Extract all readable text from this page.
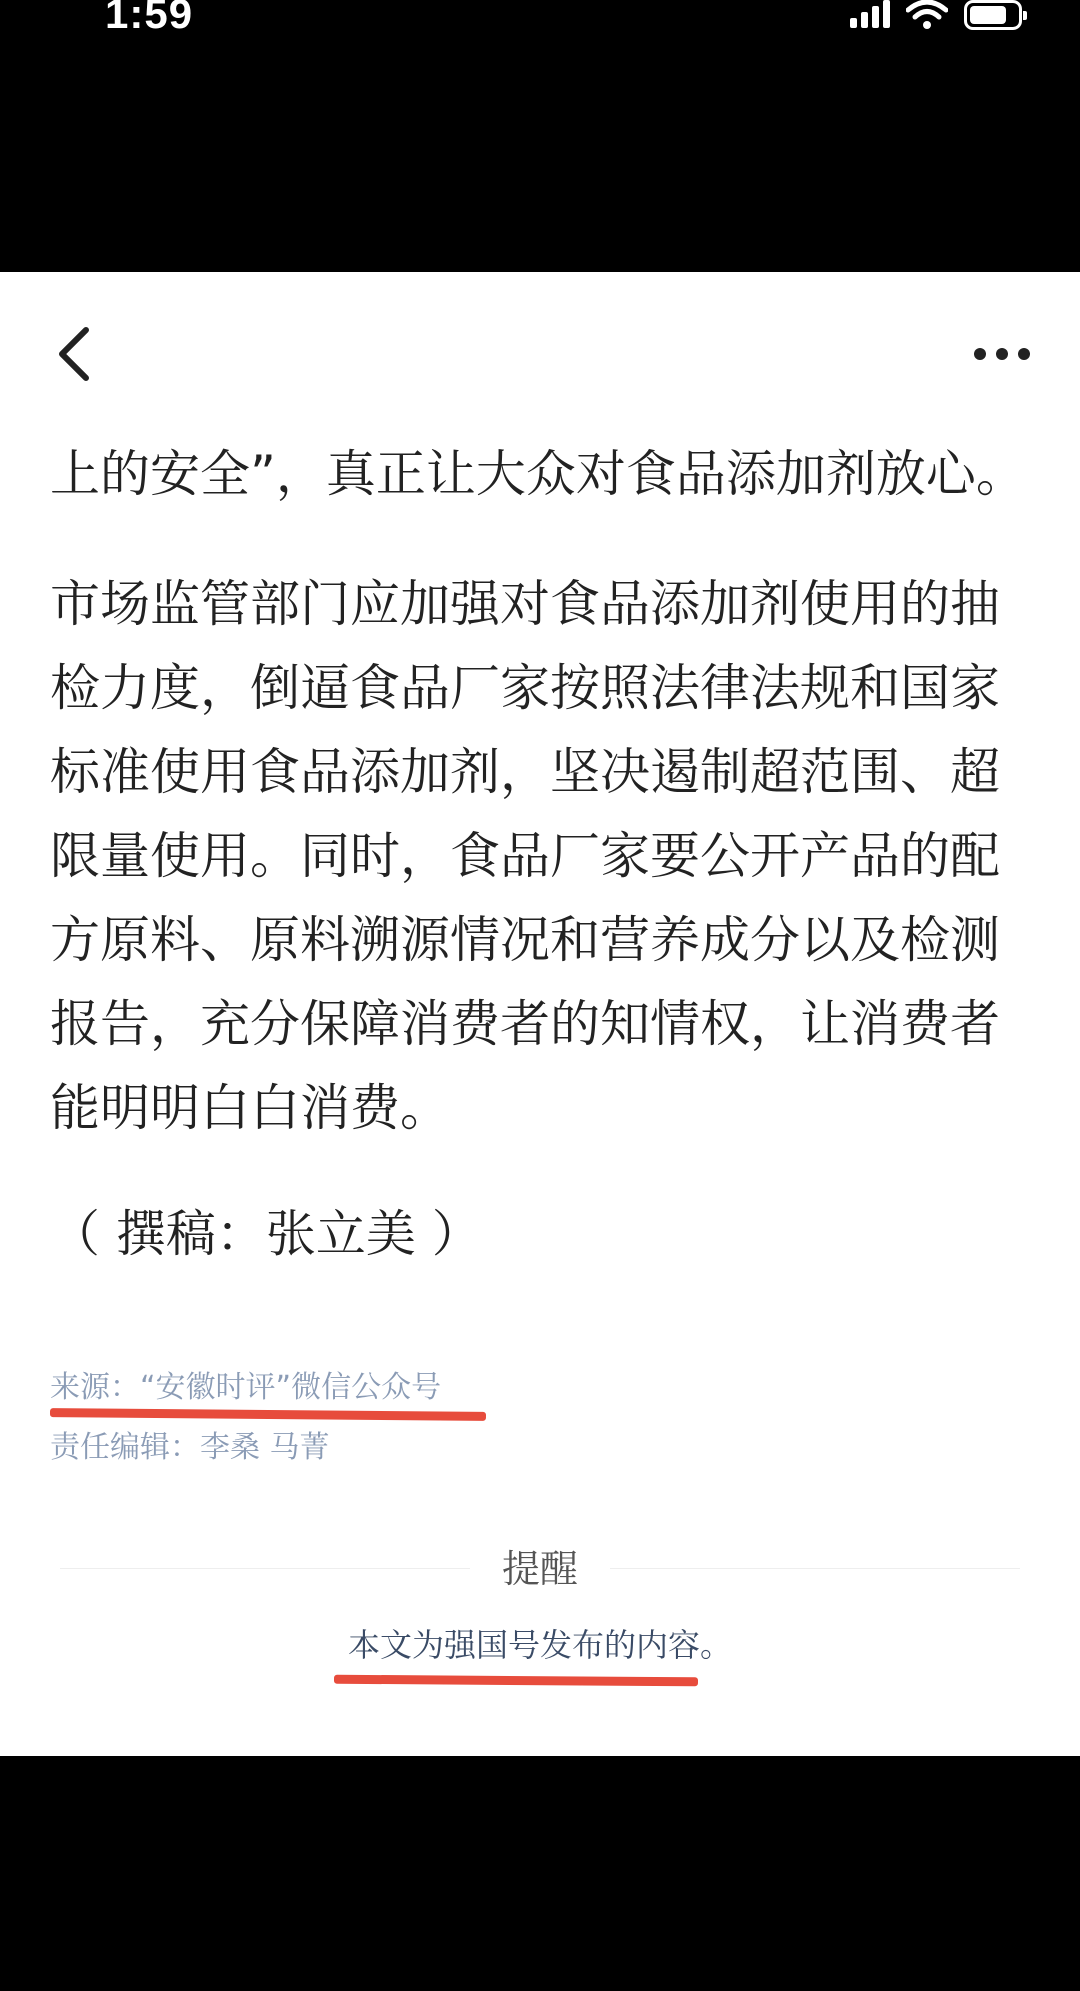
1:59

上的安全”，真正让大众对食品添加剂放心。

市场监管部门应加强对食品添加剂使用的抽检力度，倒逼食品厂家按照法律法规和国家标准使用食品添加剂，坚决遏制超范围、超限量使用。同时，食品厂家要公开产品的配方原料、原料溯源情况和营养成分以及检测报告，充分保障消费者的知情权，让消费者能明明白白消费。

（ 撰稿：张立美 ）
来源：“安徽时评”微信公众号
责任编辑：李桑 马菁
提醒
本文为强国号发布的内容。
